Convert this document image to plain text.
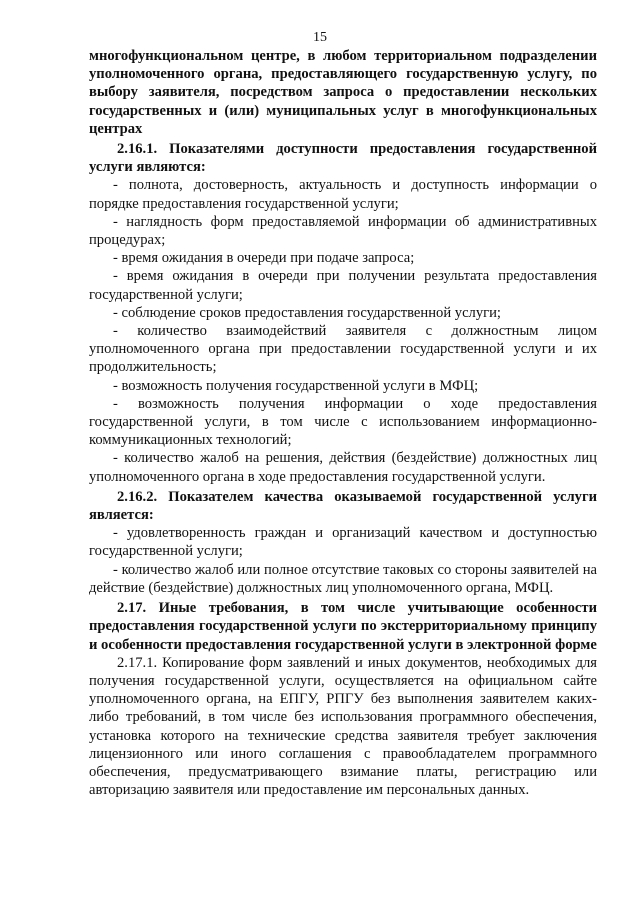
15

многофункциональном центре, в любом территориальном подразделении уполномоченного органа, предоставляющего государственную услугу, по выбору заявителя, посредством запроса о предоставлении нескольких государственных и (или) муниципальных услуг в многофункциональных центрах

2.16.1. Показателями доступности предоставления государственной услуги являются:

- полнота, достоверность, актуальность и доступность информации о порядке предоставления государственной услуги;

- наглядность форм предоставляемой информации об административных процедурах;

- время ожидания в очереди при подаче запроса;

- время ожидания в очереди при получении результата предоставления государственной услуги;

- соблюдение сроков предоставления государственной услуги;

- количество взаимодействий заявителя с должностным лицом уполномоченного органа при предоставлении государственной услуги и их продолжительность;

- возможность получения государственной услуги в МФЦ;

- возможность получения информации о ходе предоставления государственной услуги, в том числе с использованием информационно-коммуникационных технологий;

- количество жалоб на решения, действия (бездействие) должностных лиц уполномоченного органа в ходе предоставления государственной услуги.

2.16.2. Показателем качества оказываемой государственной услуги является:

- удовлетворенность граждан и организаций качеством и доступностью государственной услуги;

- количество жалоб или полное отсутствие таковых со стороны заявителей на действие (бездействие) должностных лиц уполномоченного органа, МФЦ.

2.17. Иные требования, в том числе учитывающие особенности предоставления государственной услуги по экстерриториальному принципу и особенности предоставления государственной услуги в электронной форме

2.17.1. Копирование форм заявлений и иных документов, необходимых для получения государственной услуги, осуществляется на официальном сайте уполномоченного органа, на ЕПГУ, РПГУ без выполнения заявителем каких-либо требований, в том числе без использования программного обеспечения, установка которого на технические средства заявителя требует заключения лицензионного или иного соглашения с правообладателем программного обеспечения, предусматривающего взимание платы, регистрацию или авторизацию заявителя или предоставление им персональных данных.
